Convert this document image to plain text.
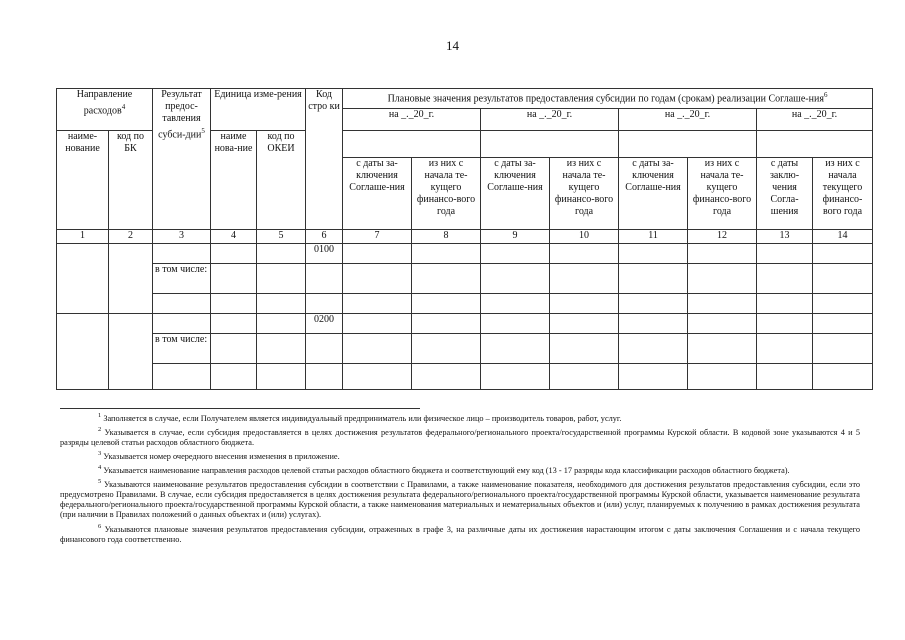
14
Направление расходов$^4$		Результат предос-тавления субси-дии$^5$	Единица изме-рения		Код стро ки	Плановые значения результатов предоставления субсидии по годам (срокам) реализации Соглаше-ния$^6$
						на _._20_г.		на _._20_г.		на _._20_г.		на _._20_г.	
наиме-нование	код по БК		наиме нова-ние	код по ОКЕИ									
						с даты за-ключения Соглаше-ния	из них с начала те-кущего финансо-вого года	с даты за-ключения Соглаше-ния	из них с начала те-кущего финансо-вого года	с даты за-ключения Соглаше-ния	из них с начала те-кущего финансо-вого года	с даты заклю-чения Согла-шения	из них с начала текущего финансо-вого года
1	2	3	4	5	6	7	8	9	10	11	12	13	14
					0100								
		в том числе:											

					0200								
		в том числе:											

$^1$ Заполняется в случае, если Получателем является индивидуальный предприниматель или физическое лицо – производитель товаров, работ, услуг.

$^2$ Указывается в случае, если субсидия предоставляется в целях достижения результатов федерального/регионального проекта/государственной программы Курской области. В кодовой зоне указываются 4 и 5 разряды целевой статьи расходов областного бюджета.

$^3$ Указывается номер очередного внесения изменения в приложение.

$^4$ Указывается наименование направления расходов целевой статьи расходов областного бюджета и соответствующий ему код (13 - 17 разряды кода классификации расходов областного бюджета).

$^5$ Указываются наименование результатов предоставления субсидии в соответствии с Правилами, а также наименование показателя, необходимого для достижения результатов предоставления субсидии, если это предусмотрено Правилами. В случае, если субсидия предоставляется в целях достижения результата федерального/регионального проекта/государственной программы Курской области, указывается наименование результата федерального/регионального проекта/государственной программы Курской области, а также наименования материальных и нематериальных объектов и (или) услуг, планируемых к получению в рамках достижения результата (при наличии в Правилах положений о данных объектах и (или) услугах).

$^6$ Указываются плановые значения результатов предоставления субсидии, отраженных в графе 3, на различные даты их достижения нарастающим итогом с даты заключения Соглашения и с начала текущего финансового года соответственно.
